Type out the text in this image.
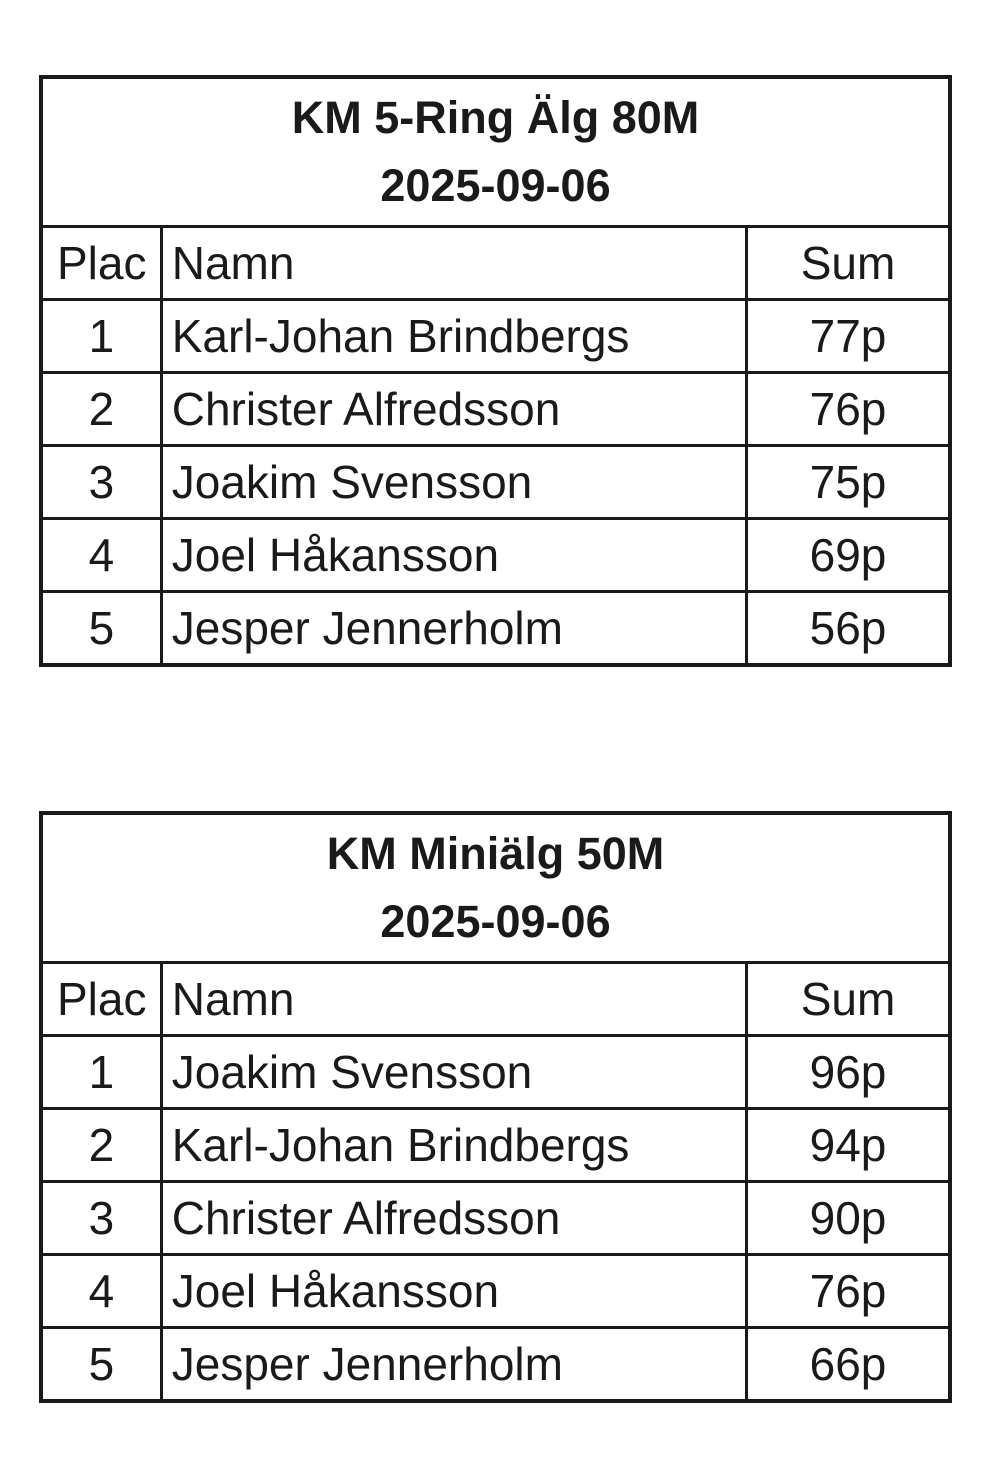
KM 5-Ring Älg 80M
2025-09-06		

Plac	Namn	Sum
1	Karl-Johan Brindbergs	77p
2	Christer Alfredsson	76p
3	Joakim Svensson	75p
4	Joel Håkansson	69p
5	Jesper Jennerholm	56p
KM Miniälg 50M
2025-09-06		

Plac	Namn	Sum
1	Joakim Svensson	96p
2	Karl-Johan Brindbergs	94p
3	Christer Alfredsson	90p
4	Joel Håkansson	76p
5	Jesper Jennerholm	66p
